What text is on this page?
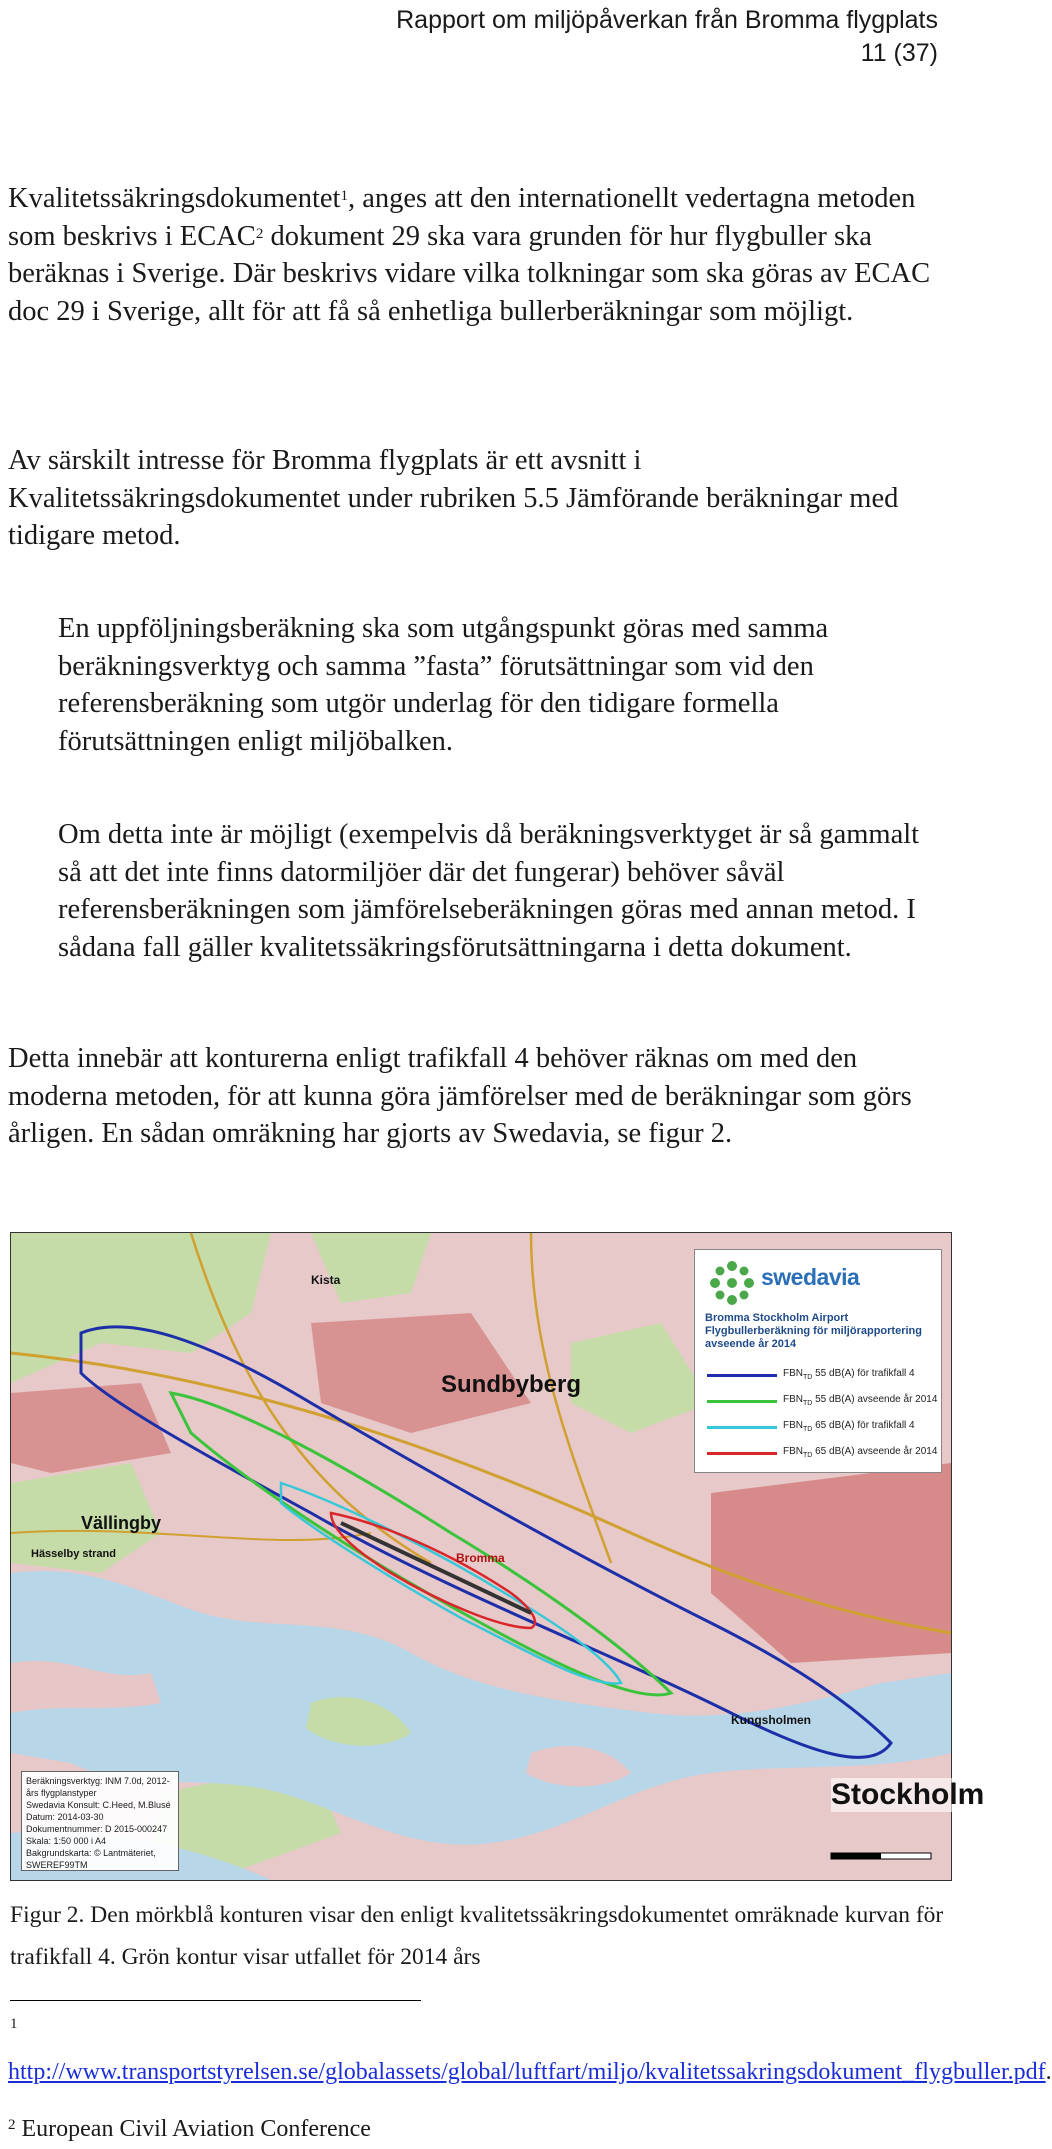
Rapport om miljöpåverkan från Bromma flygplats
11 (37)
Kvalitetssäkringsdokumentet$^1$, anges att den internationellt vedertagna metoden som beskrivs i ECAC$^2$ dokument 29 ska vara grunden för hur flygbuller ska beräknas i Sverige. Där beskrivs vidare vilka tolkningar som ska göras av ECAC doc 29 i Sverige, allt för att få så enhetliga bullerberäkningar som möjligt.
Av särskilt intresse för Bromma flygplats är ett avsnitt i Kvalitetssäkringsdokumentet under rubriken 5.5 Jämförande beräkningar med tidigare metod.
En uppföljningsberäkning ska som utgångspunkt göras med samma beräkningsverktyg och samma ”fasta” förutsättningar som vid den referensberäkning som utgör underlag för den tidigare formella förutsättningen enligt miljöbalken.
Om detta inte är möjligt (exempelvis då beräkningsverktyget är så gammalt så att det inte finns datormiljöer där det fungerar) behöver såväl referensberäkningen som jämförelseberäkningen göras med annan metod. I sådana fall gäller kvalitetssäkringsförutsättningarna i detta dokument.
Detta innebär att konturerna enligt trafikfall 4 behöver räknas om med den moderna metoden, för att kunna göra jämförelser med de beräkningar som görs årligen. En sådan omräkning har gjorts av Swedavia, se figur 2.
Sundbyberg
Vällingby
Stockholm
Bromma
Kista
Hässelby strand
Kungsholmen
swedavia
Bromma Stockholm Airport Flygbullerberäkning för miljörapportering avseende år 2014
$FBN_{TD}$ 55 dB(A) för trafikfall 4
$FBN_{TD}$ 55 dB(A) avseende år 2014
$FBN_{TD}$ 65 dB(A) för trafikfall 4
$FBN_{TD}$ 65 dB(A) avseende år 2014
Beräkningsverktyg: INM 7.0d, 2012-års flygplanstyper
Swedavia Konsult: C.Heed, M.Blusé
Datum: 2014-03-30
Dokumentnummer: D 2015-000247
Skala: 1:50 000 i A4
Bakgrundskarta: © Lantmäteriet, SWEREF99TM
Figur 2. Den mörkblå konturen visar den enligt kvalitetssäkringsdokumentet omräknade kurvan för trafikfall 4. Grön kontur visar utfallet för 2014 års
1
http://www.transportstyrelsen.se/globalassets/global/luftfart/miljo/kvalitetssakringsdokument_flygbuller.pdf.
$^2$ European Civil Aviation Conference
